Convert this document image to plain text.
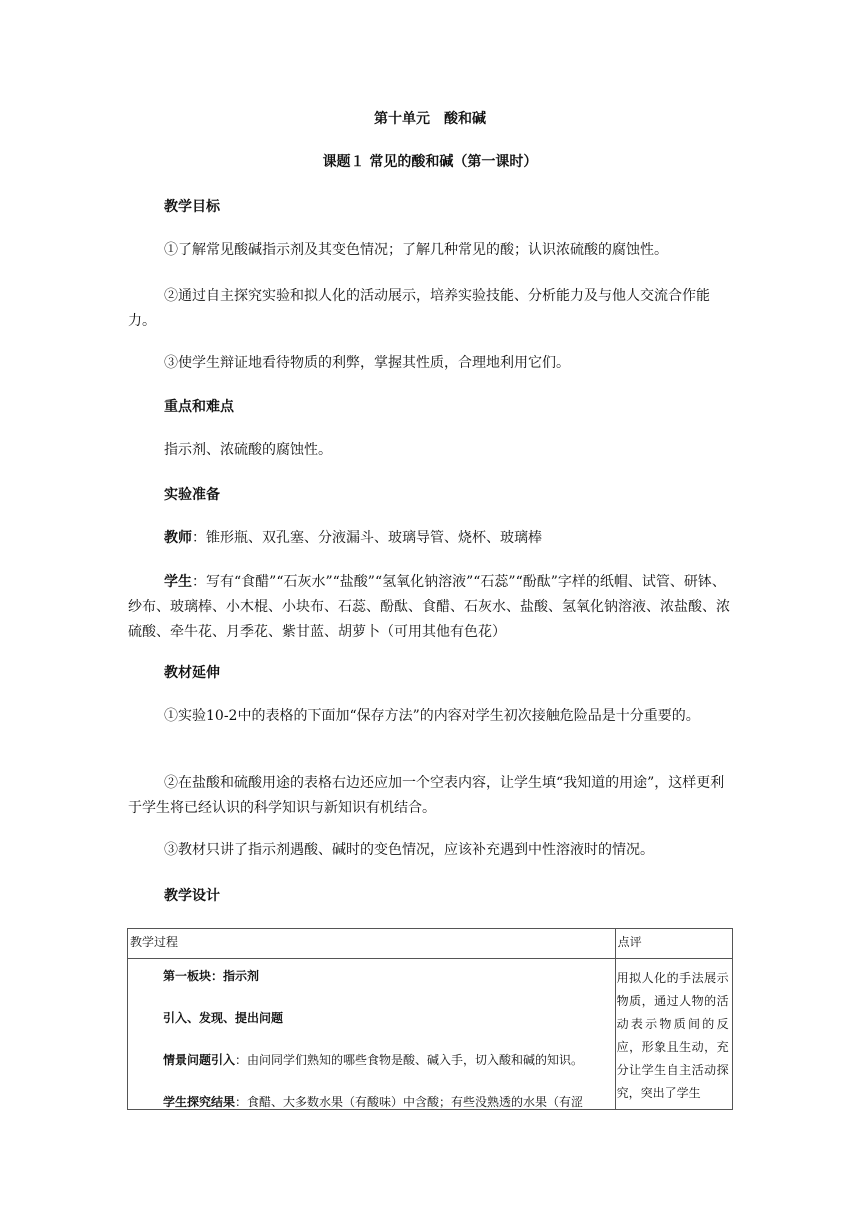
第十单元　酸和碱
课题１ 常见的酸和碱（第一课时）
教学目标
①了解常见酸碱指示剂及其变色情况；了解几种常见的酸；认识浓硫酸的腐蚀性。
②通过自主探究实验和拟人化的活动展示，培养实验技能、分析能力及与他人交流合作能力。
③使学生辩证地看待物质的利弊，掌握其性质，合理地利用它们。
重点和难点
指示剂、浓硫酸的腐蚀性。
实验准备
教师：锥形瓶、双孔塞、分液漏斗、玻璃导管、烧杯、玻璃棒
学生：写有“食醋”“石灰水”“盐酸”“氢氧化钠溶液”“石蕊”“酚酞”字样的纸帽、试管、研钵、纱布、玻璃棒、小木棍、小块布、石蕊、酚酞、食醋、石灰水、盐酸、氢氧化钠溶液、浓盐酸、浓硫酸、牵牛花、月季花、紫甘蓝、胡萝卜（可用其他有色花）
教材延伸
①实验10-2中的表格的下面加“保存方法”的内容对学生初次接触危险品是十分重要的。
②在盐酸和硫酸用途的表格右边还应加一个空表内容，让学生填“我知道的用途”，这样更利于学生将已经认识的科学知识与新知识有机结合。
③教材只讲了指示剂遇酸、碱时的变色情况，应该补充遇到中性溶液时的情况。
教学设计
教学过程	点评

第一板块：指示剂
引入、发现、提出问题
情景问题引入：由问同学们熟知的哪些食物是酸、碱入手，切入酸和碱的知识。
学生探究结果：食醋、大多数水果（有酸味）中含酸；有些没熟透的水果（有涩	用拟人化的手法展示物质，通过人物的活动表示物质间的反应，形象且生动，充分让学生自主活动探究，突出了学生
